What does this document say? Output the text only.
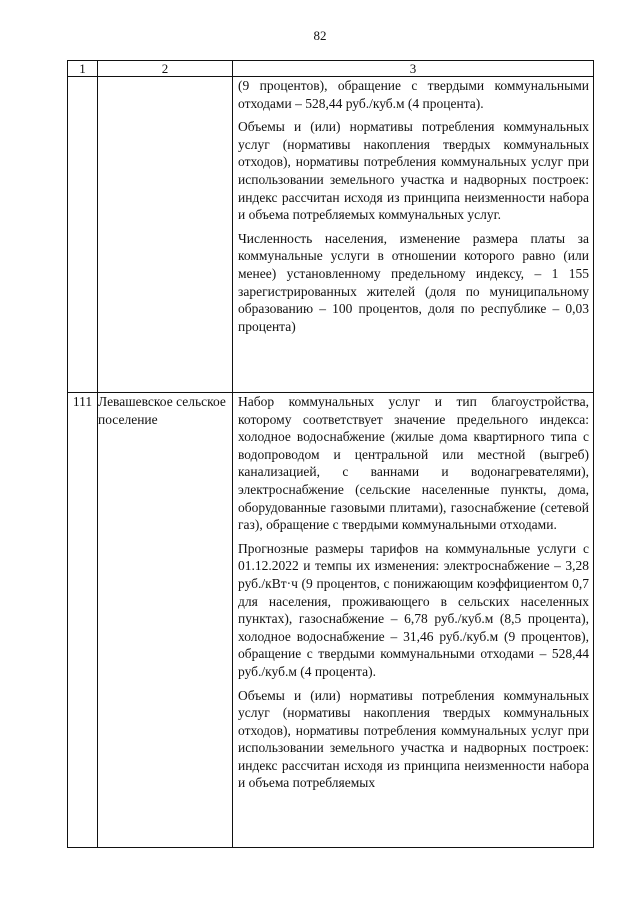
82
1	2	3

		(9 процентов), обращение с твердыми коммунальными отходами – 528,44 руб./куб.м (4 процента).

Объемы и (или) нормативы потребления коммунальных услуг (нормативы накопления твердых коммунальных отходов), нормативы потребления коммунальных услуг при использовании земельного участка и надворных построек: индекс рассчитан исходя из принципа неизменности набора и объема потребляемых коммунальных услуг.

Численность населения, изменение размера платы за коммунальные услуги в отношении которого равно (или менее) установленному предельному индексу, – 1 155 зарегистрированных жителей (доля по муниципальному образованию – 100 процентов, доля по республике – 0,03 процента)

111	Левашевское сельское поселение	Набор коммунальных услуг и тип благоустройства, которому соответствует значение предельного индекса: холодное водоснабжение (жилые дома квартирного типа с водопроводом и центральной или местной (выгреб) канализацией, с ваннами и водонагревателями), электроснабжение (сельские населенные пункты, дома, оборудованные газовыми плитами), газоснабжение (сетевой газ), обращение с твердыми коммунальными отходами.

Прогнозные размеры тарифов на коммунальные услуги с 01.12.2022 и темпы их изменения: электроснабжение – 3,28 руб./кВт·ч (9 процентов, с понижающим коэффициентом 0,7 для населения, проживающего в сельских населенных пунктах), газоснабжение – 6,78 руб./куб.м (8,5 процента), холодное водоснабжение – 31,46 руб./куб.м (9 процентов), обращение с твердыми коммунальными отходами – 528,44 руб./куб.м (4 процента).

Объемы и (или) нормативы потребления коммунальных услуг (нормативы накопления твердых коммунальных отходов), нормативы потребления коммунальных услуг при использовании земельного участка и надворных построек: индекс рассчитан исходя из принципа неизменности набора и объема потребляемых
